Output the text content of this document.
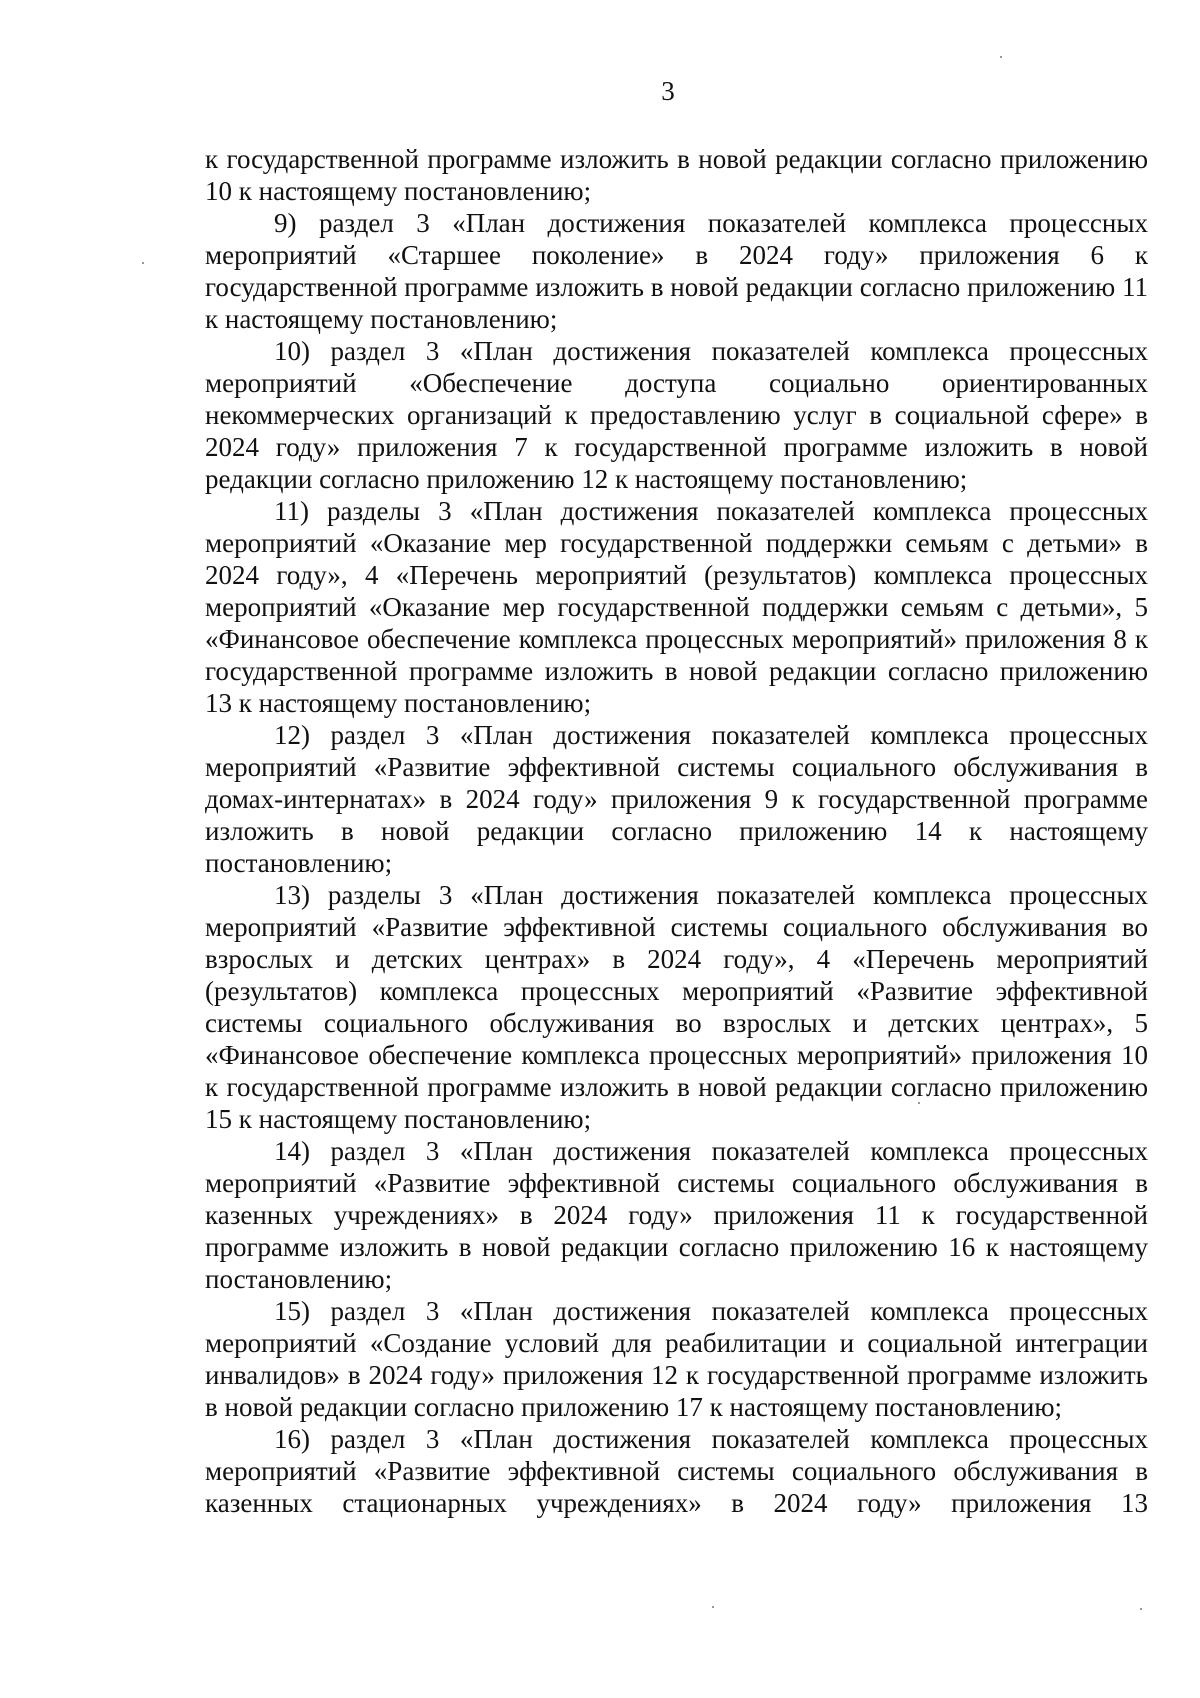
3

к государственной программе изложить в новой редакции согласно приложению 10 к настоящему постановлению;

9) раздел 3 «План достижения показателей комплекса процессных мероприятий «Старшее поколение» в 2024 году» приложения 6 к государственной программе изложить в новой редакции согласно приложению 11 к настоящему постановлению;

10) раздел 3 «План достижения показателей комплекса процессных мероприятий «Обеспечение доступа социально ориентированных некоммерческих организаций к предоставлению услуг в социальной сфере» в 2024 году» приложения 7 к государственной программе изложить в новой редакции согласно приложению 12 к настоящему постановлению;

11) разделы 3 «План достижения показателей комплекса процессных мероприятий «Оказание мер государственной поддержки семьям с детьми» в 2024 году», 4 «Перечень мероприятий (результатов) комплекса процессных мероприятий «Оказание мер государственной поддержки семьям с детьми», 5 «Финансовое обеспечение комплекса процессных мероприятий» приложения 8 к государственной программе изложить в новой редакции согласно приложению 13 к настоящему постановлению;

12) раздел 3 «План достижения показателей комплекса процессных мероприятий «Развитие эффективной системы социального обслуживания в домах-интернатах» в 2024 году» приложения 9 к государственной программе изложить в новой редакции согласно приложению 14 к настоящему постановлению;

13) разделы 3 «План достижения показателей комплекса процессных мероприятий «Развитие эффективной системы социального обслуживания во взрослых и детских центрах» в 2024 году», 4 «Перечень мероприятий (результатов) комплекса процессных мероприятий «Развитие эффективной системы социального обслуживания во взрослых и детских центрах», 5 «Финансовое обеспечение комплекса процессных мероприятий» приложения 10 к государственной программе изложить в новой редакции согласно приложению 15 к настоящему постановлению;

14) раздел 3 «План достижения показателей комплекса процессных мероприятий «Развитие эффективной системы социального обслуживания в казенных учреждениях» в 2024 году» приложения 11 к государственной программе изложить в новой редакции согласно приложению 16 к настоящему постановлению;

15) раздел 3 «План достижения показателей комплекса процессных мероприятий «Создание условий для реабилитации и социальной интеграции инвалидов» в 2024 году» приложения 12 к государственной программе изложить в новой редакции согласно приложению 17 к настоящему постановлению;

16) раздел 3 «План достижения показателей комплекса процессных мероприятий «Развитие эффективной системы социального обслуживания в казенных стационарных учреждениях» в 2024 году» приложения 13
